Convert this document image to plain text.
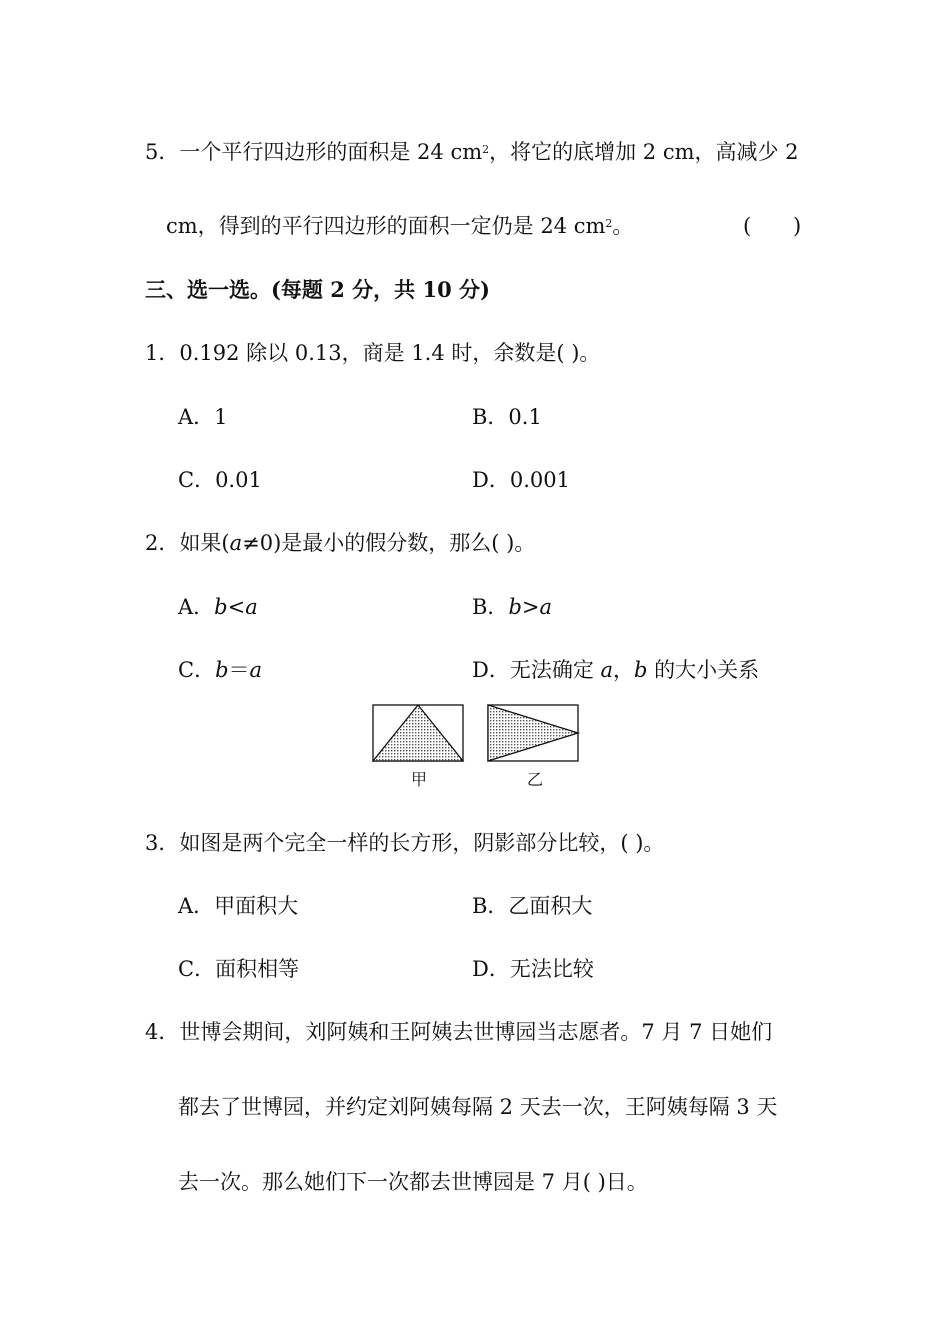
5．一个平行四边形的面积是 24 $cm^2$，将它的底增加 2 cm，高减少 2
cm，得到的平行四边形的面积一定仍是 24 $cm^2$。	( )
三、选一选。(每题 2 分，共 10 分)
1．0.192 除以 0.13，商是 1.4 时，余数是( )。
A．1	B．0.1
C．0.01	D．0.001
2．如果(a≠0)是最小的假分数，那么( )。
A．b<a	B．b>a
C．b＝a	D．无法确定 a，b 的大小关系
甲	乙
3．如图是两个完全一样的长方形，阴影部分比较，( )。
A．甲面积大	B．乙面积大
C．面积相等	D．无法比较
4．世博会期间，刘阿姨和王阿姨去世博园当志愿者。7 月 7 日她们
都去了世博园，并约定刘阿姨每隔 2 天去一次，王阿姨每隔 3 天
去一次。那么她们下一次都去世博园是 7 月( )日。
